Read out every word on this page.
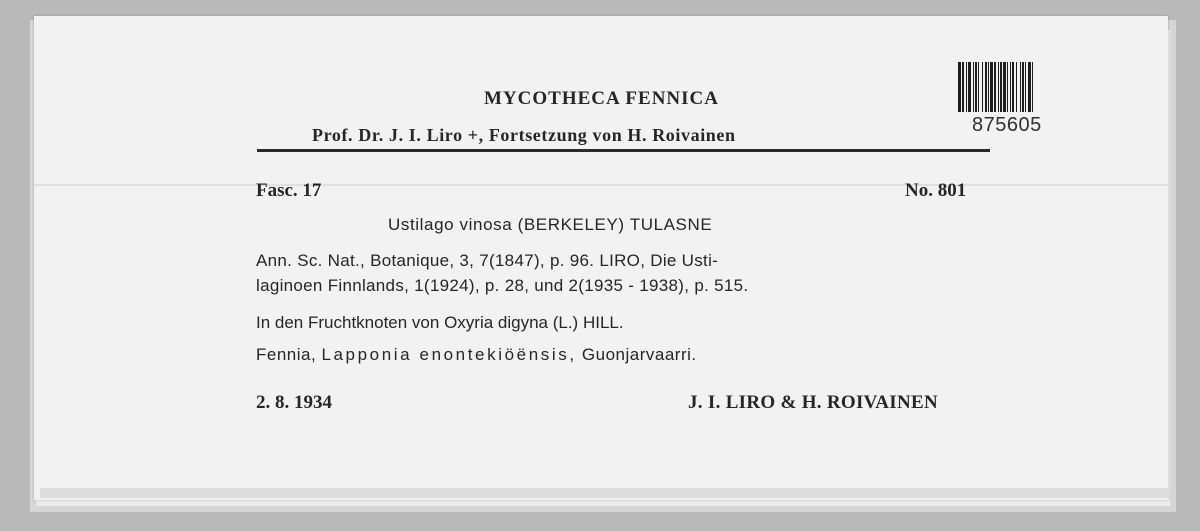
MYCOTHECA FENNICA
Prof. Dr. J. I. Liro +, Fortsetzung von H. Roivainen	875605
Fasc. 17	No. 801
Ustilago vinosa (BERKELEY) TULASNE
Ann. Sc. Nat., Botanique, 3, 7(1847), p. 96. LIRO, Die Usti-
laginoen Finnlands, 1(1924), p. 28, und 2(1935 - 1938), p. 515.
In den Fruchtknoten von Oxyria digyna (L.) HILL.
Fennia, Lapponia enontekiöënsis, Guonjarvaarri.
2. 8. 1934	J. I. LIRO & H. ROIVAINEN
